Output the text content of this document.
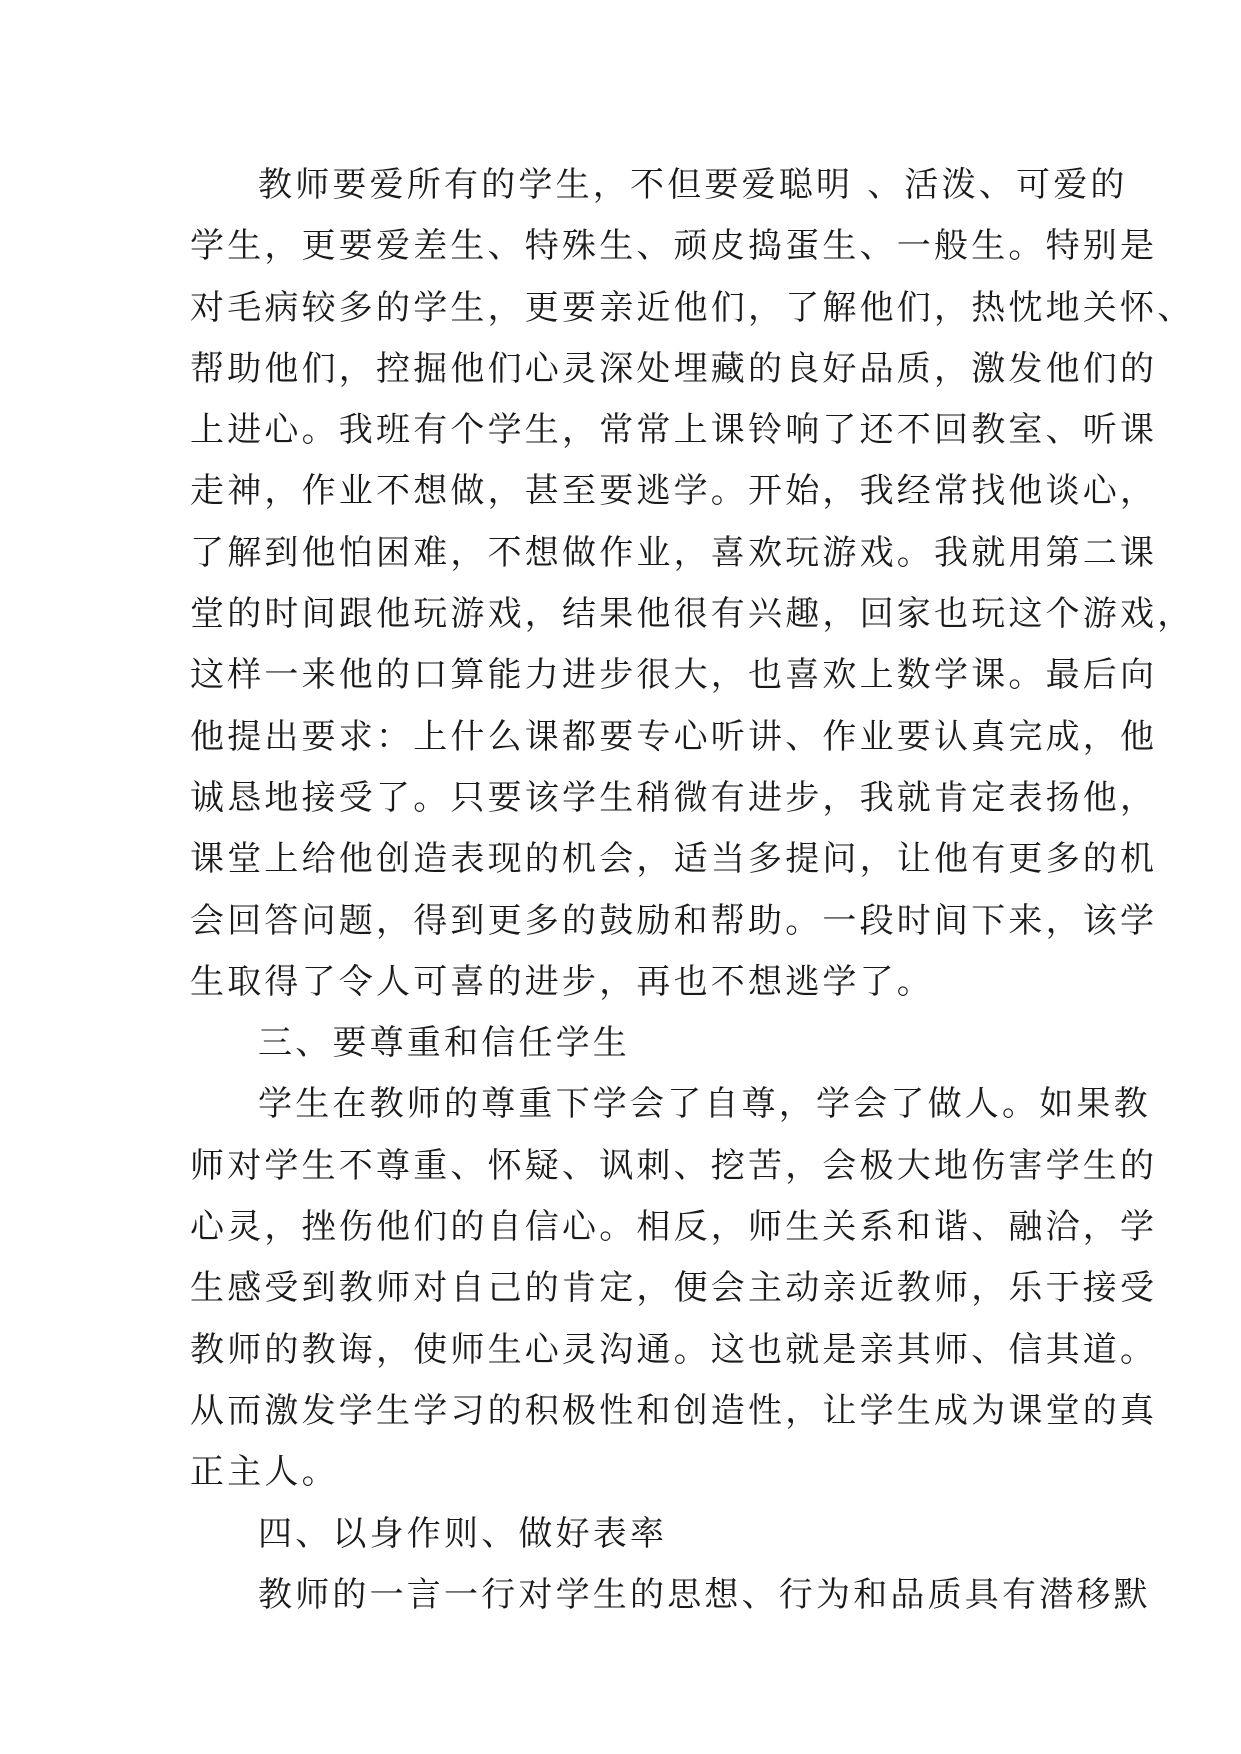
教师要爱所有的学生，不但要爱聪明 、活泼、可爱的
学生，更要爱差生、特殊生、顽皮捣蛋生、一般生。特别是
对毛病较多的学生，更要亲近他们，了解他们，热忱地关怀、
帮助他们，控掘他们心灵深处埋藏的良好品质，激发他们的
上进心。我班有个学生，常常上课铃响了还不回教室、听课
走神，作业不想做，甚至要逃学。开始，我经常找他谈心，
了解到他怕困难，不想做作业，喜欢玩游戏。我就用第二课
堂的时间跟他玩游戏，结果他很有兴趣，回家也玩这个游戏，
这样一来他的口算能力进步很大，也喜欢上数学课。最后向
他提出要求：上什么课都要专心听讲、作业要认真完成，他
诚恳地接受了。只要该学生稍微有进步，我就肯定表扬他，
课堂上给他创造表现的机会，适当多提问，让他有更多的机
会回答问题，得到更多的鼓励和帮助。一段时间下来，该学
生取得了令人可喜的进步，再也不想逃学了。
三、要尊重和信任学生
学生在教师的尊重下学会了自尊，学会了做人。如果教
师对学生不尊重、怀疑、讽刺、挖苦，会极大地伤害学生的
心灵，挫伤他们的自信心。相反，师生关系和谐、融洽，学
生感受到教师对自己的肯定，便会主动亲近教师，乐于接受
教师的教诲，使师生心灵沟通。这也就是亲其师、信其道。
从而激发学生学习的积极性和创造性，让学生成为课堂的真
正主人。
四、以身作则、做好表率
教师的一言一行对学生的思想、行为和品质具有潜移默
